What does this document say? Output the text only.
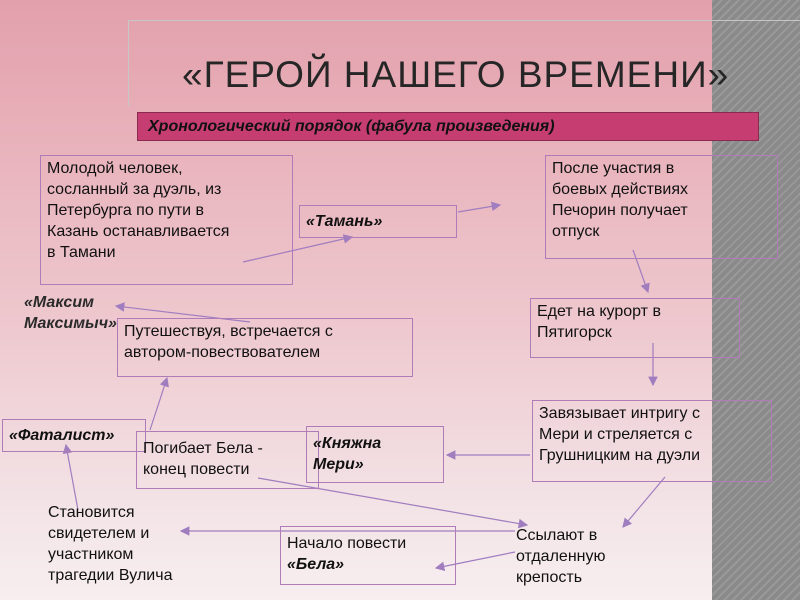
«ГЕРОЙ НАШЕГО ВРЕМЕНИ»
Хронологический порядок (фабула произведения)
Молодой человек,
сосланный за дуэль, из
Петербурга по пути в
Казань останавливается
в Тамани
«Тамань»
После участия в
боевых действиях
Печорин получает
отпуск
«Максим
Максимыч» Путешествуя, встречается с
автором-повествователем
Едет на курорт в
Пятигорск
«Фаталист»
Погибает Бела -
конец повести
«Княжна
Мери»
Завязывает интригу с
Мери и стреляется с
Грушницким на дуэли
Становится
свидетелем и
участником
трагедии Вулича
Начало повести
«Бела»
Ссылают в
отдаленную
крепость
